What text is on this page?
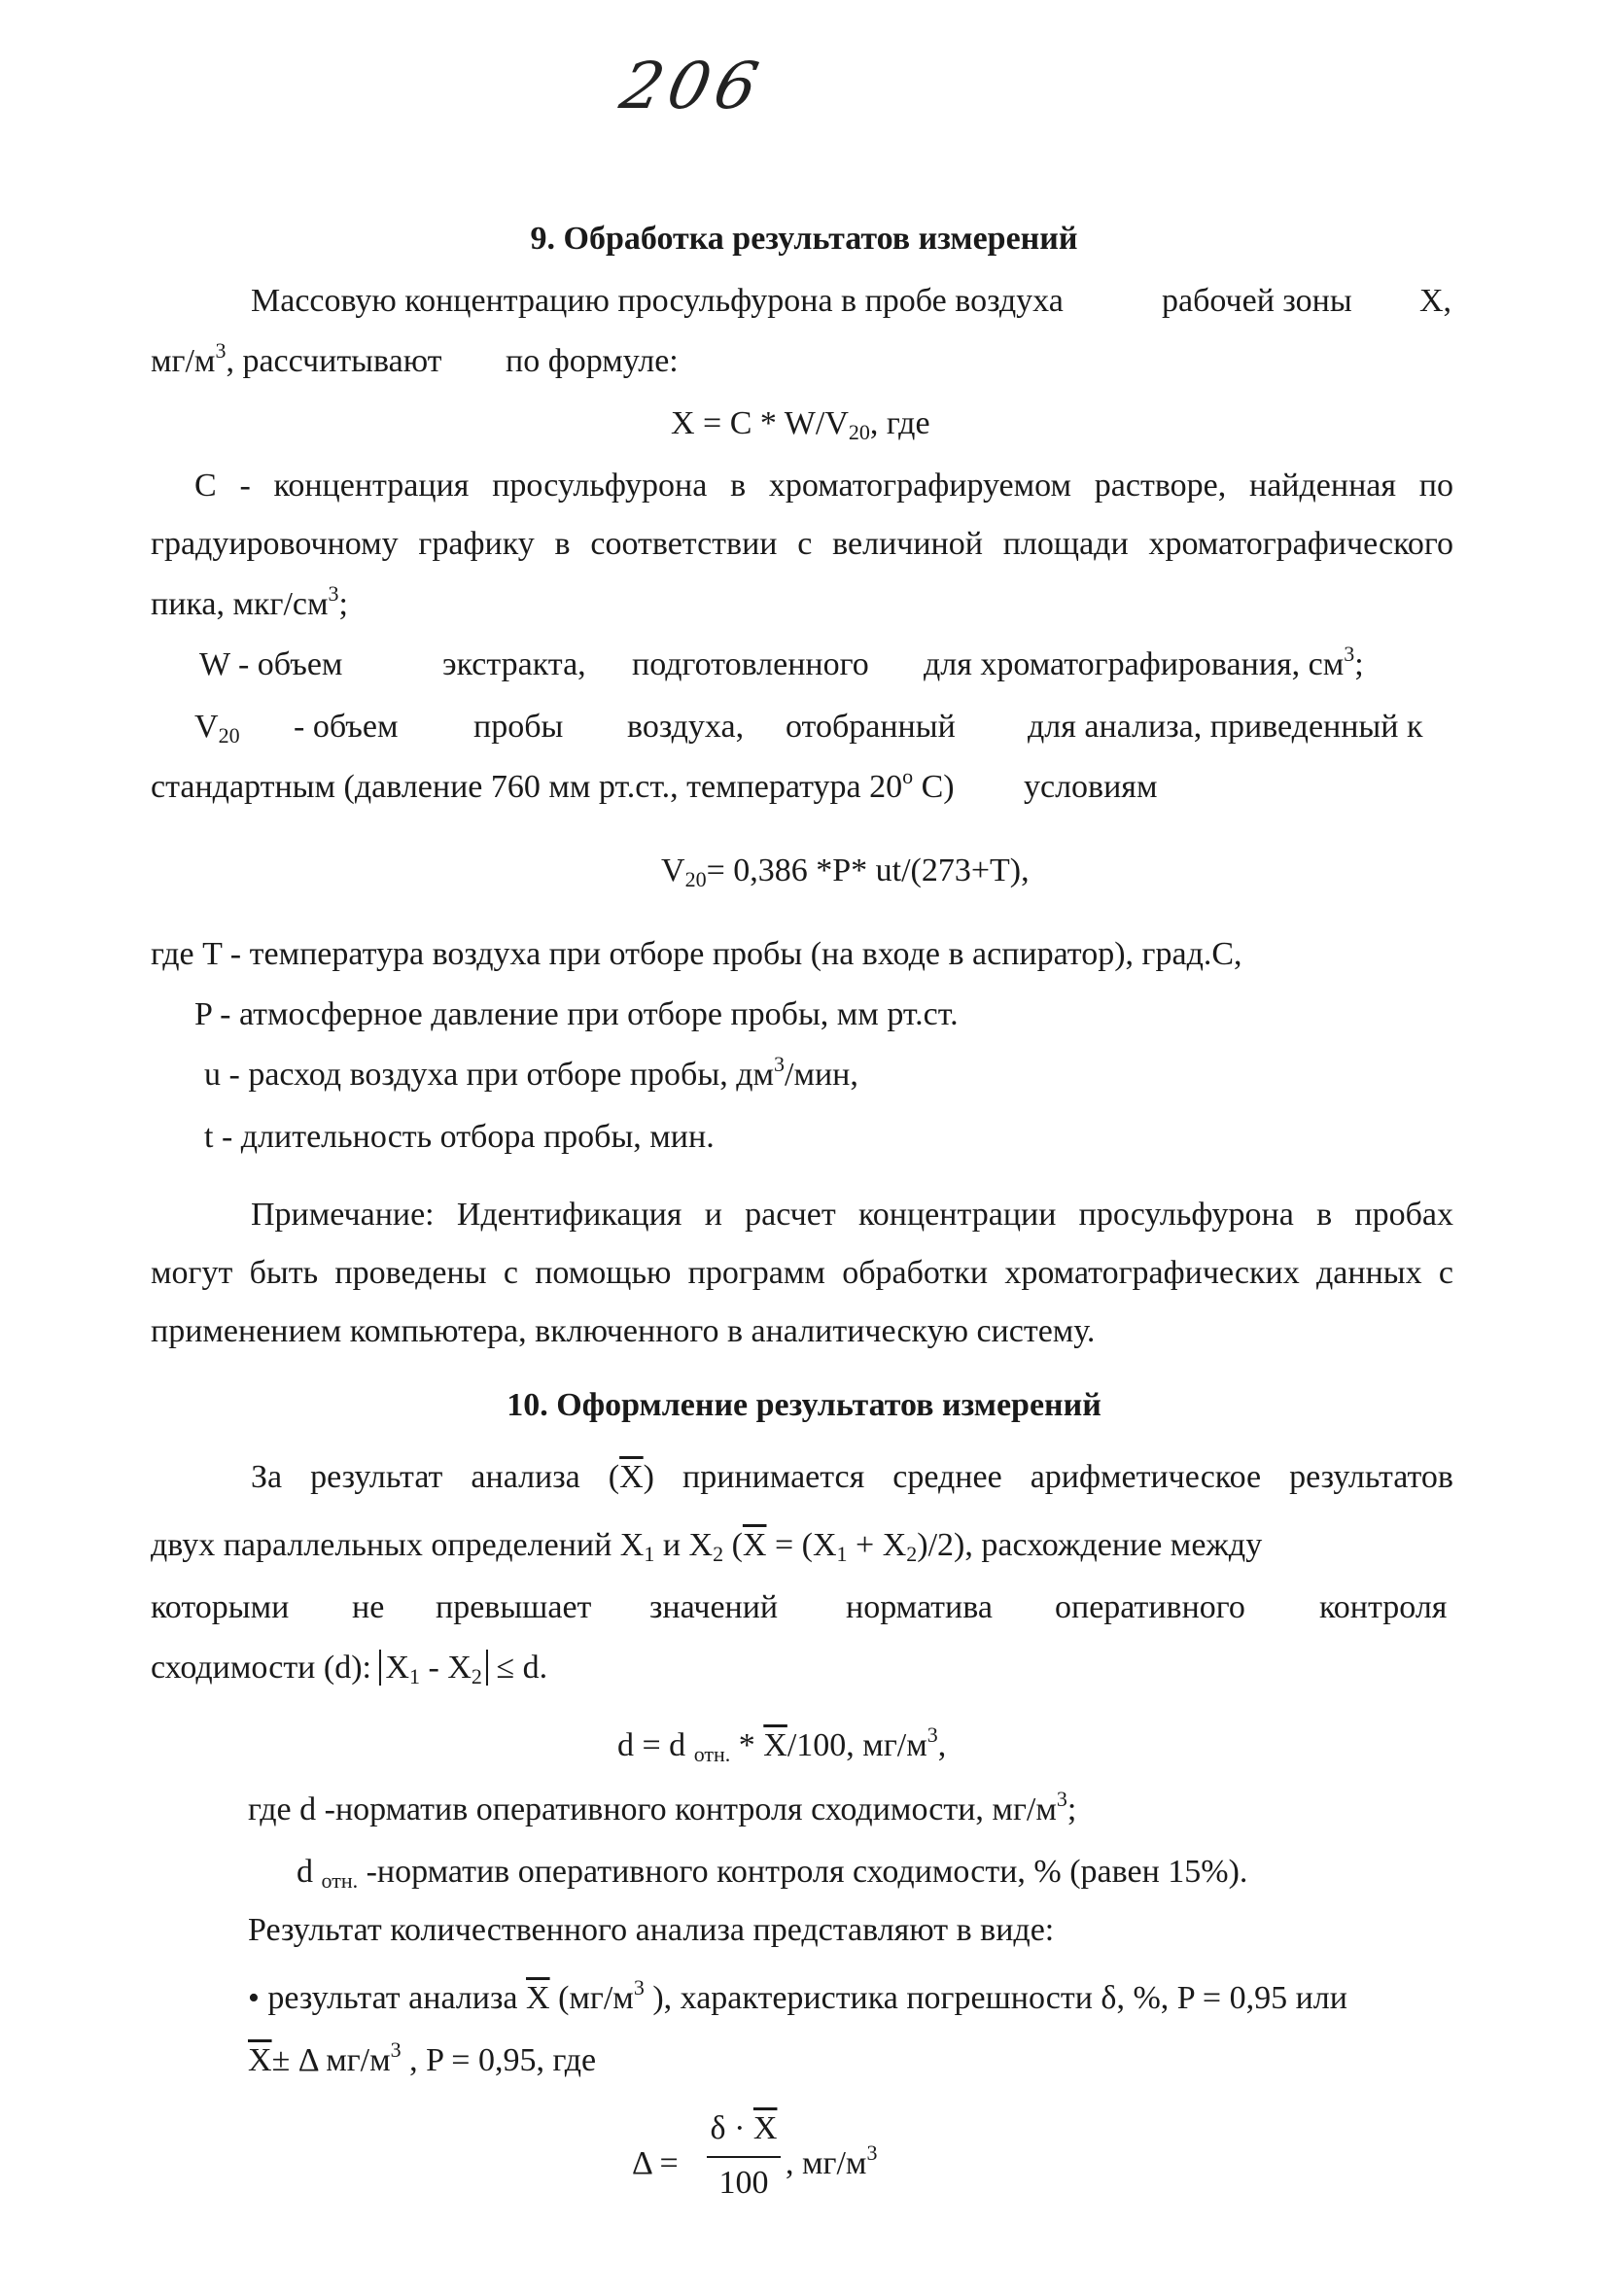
206
9. Обработка результатов измерений
Массовую концентрацию просульфурона в пробе воздуха	рабочей зоны X,
$мг/м^3$, рассчитывают по формуле:
$X = C * W/V_{20}$, где
C - концентрация просульфурона в хроматографируемом растворе, найденная по
градуировочному графику в соответствии с величиной площади хроматографического
пика, мкг/$см^3$;
W - объем	экстракта, подготовленного для хроматографирования, $см^3$;
$V_{20}$ - объем пробы воздуха, отобранный для анализа, приведенный к
стандартным (давление 760 мм рт.ст., температура 20$^o$ С) условиям
$V_{20}= 0,386$ *P* ut/(273+T),
где T - температура воздуха при отборе пробы (на входе в аспиратор), град.С,
P - атмосферное давление при отборе пробы, мм рт.ст.
u - расход воздуха при отборе пробы, $дм^3$/мин,
t - длительность отбора пробы, мин.
Примечание: Идентификация и расчет концентрации просульфурона в пробах
могут быть проведены с помощью программ обработки хроматографических данных с
применением компьютера, включенного в аналитическую систему.
10. Оформление результатов измерений
За результат анализа $(\overline{X})$ принимается среднее арифметическое результатов
двух параллельных определений $X_1$ и $X_2$ $(\overline{X} = (X_1 + X_2)/2)$, расхождение между
которыми не превышает значений норматива оперативного контроля
сходимости (d): $X_1 - X_2 \le d$.
d = d $_{отн.} * \overline{X}/100$, $мг/м^3$,
где d -норматив оперативного контроля сходимости, $мг/м^3$;
d $_{отн.}$ -норматив оперативного контроля сходимости, % (равен 15%).
Результат количественного анализа представляют в виде:
• результат анализа $\overline{X}$ ($мг/м^3$ ), характеристика погрешности δ, %, P = 0,95 или
$\overline{X}\pm \Delta$ $мг/м^3$ , P = 0,95, где
Δ =
$\delta \cdot \overline{X}$
100
, $мг/м^3$
